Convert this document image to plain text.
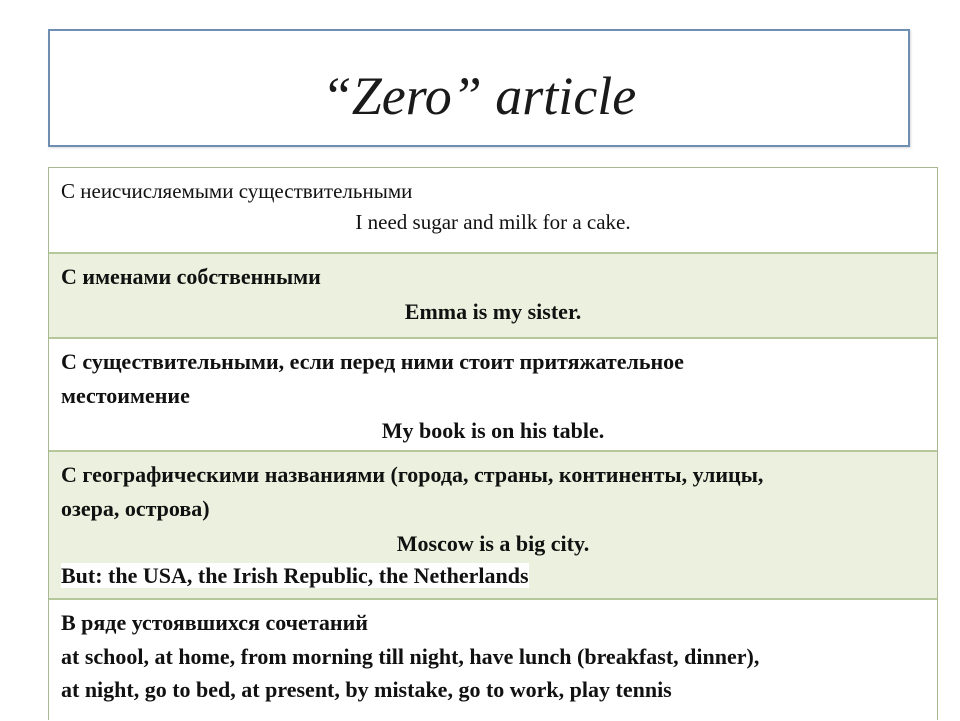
“Zero” article
С неисчисляемыми существительными
I need sugar and milk for a cake.
С именами собственными
Emma is my sister.
С существительными, если перед ними стоит притяжательное
местоимение
My book is on his table.
С географическими названиями (города, страны, континенты, улицы,
озера, острова)
Moscow is a big city.
But: the USA, the Irish Republic, the Netherlands
В ряде устоявшихся сочетаний
at school, at home, from morning till night, have lunch (breakfast, dinner),
at night, go to bed, at present, by mistake, go to work, play tennis
